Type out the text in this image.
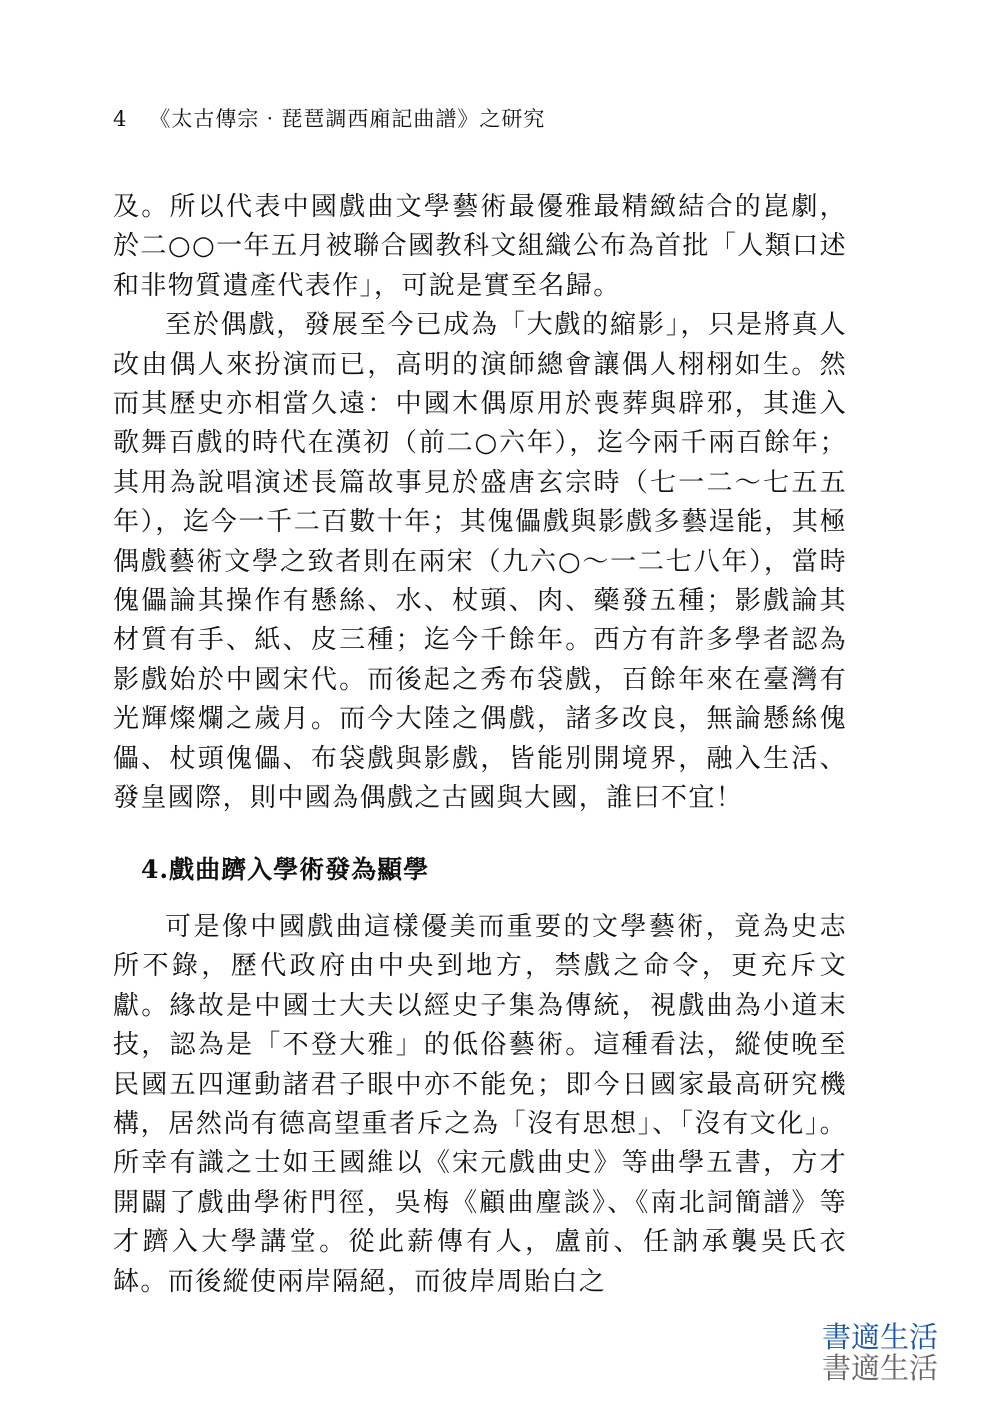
4 《太古傳宗‧琵琶調西廂記曲譜》之研究

及。所以代表中國戲曲文學藝術最優雅最精緻結合的崑劇，於二○○一年五月被聯合國教科文組織公布為首批「人類口述和非物質遺產代表作」，可說是實至名歸。

至於偶戲，發展至今已成為「大戲的縮影」，只是將真人改由偶人來扮演而已，高明的演師總會讓偶人栩栩如生。然而其歷史亦相當久遠：中國木偶原用於喪葬與辟邪，其進入歌舞百戲的時代在漢初（前二○六年），迄今兩千兩百餘年；其用為說唱演述長篇故事見於盛唐玄宗時（七一二～七五五年），迄今一千二百數十年；其傀儡戲與影戲多藝逞能，其極偶戲藝術文學之致者則在兩宋（九六○～一二七八年），當時傀儡論其操作有懸絲、水、杖頭、肉、藥發五種；影戲論其材質有手、紙、皮三種；迄今千餘年。西方有許多學者認為影戲始於中國宋代。而後起之秀布袋戲，百餘年來在臺灣有光輝燦爛之歲月。而今大陸之偶戲，諸多改良，無論懸絲傀儡、杖頭傀儡、布袋戲與影戲，皆能別開境界，融入生活、發皇國際，則中國為偶戲之古國與大國，誰曰不宜！

4.戲曲躋入學術發為顯學

可是像中國戲曲這樣優美而重要的文學藝術，竟為史志所不錄，歷代政府由中央到地方，禁戲之命令，更充斥文獻。緣故是中國士大夫以經史子集為傳統，視戲曲為小道末技，認為是「不登大雅」的低俗藝術。這種看法，縱使晚至民國五四運動諸君子眼中亦不能免；即今日國家最高研究機構，居然尚有德高望重者斥之為「沒有思想」、「沒有文化」。所幸有識之士如王國維以《宋元戲曲史》等曲學五書，方才開闢了戲曲學術門徑，吳梅《顧曲麈談》、《南北詞簡譜》等才躋入大學講堂。從此薪傳有人，盧前、任訥承襲吳氏衣缽。而後縱使兩岸隔絕，而彼岸周貽白之

書適生活
書適生活
